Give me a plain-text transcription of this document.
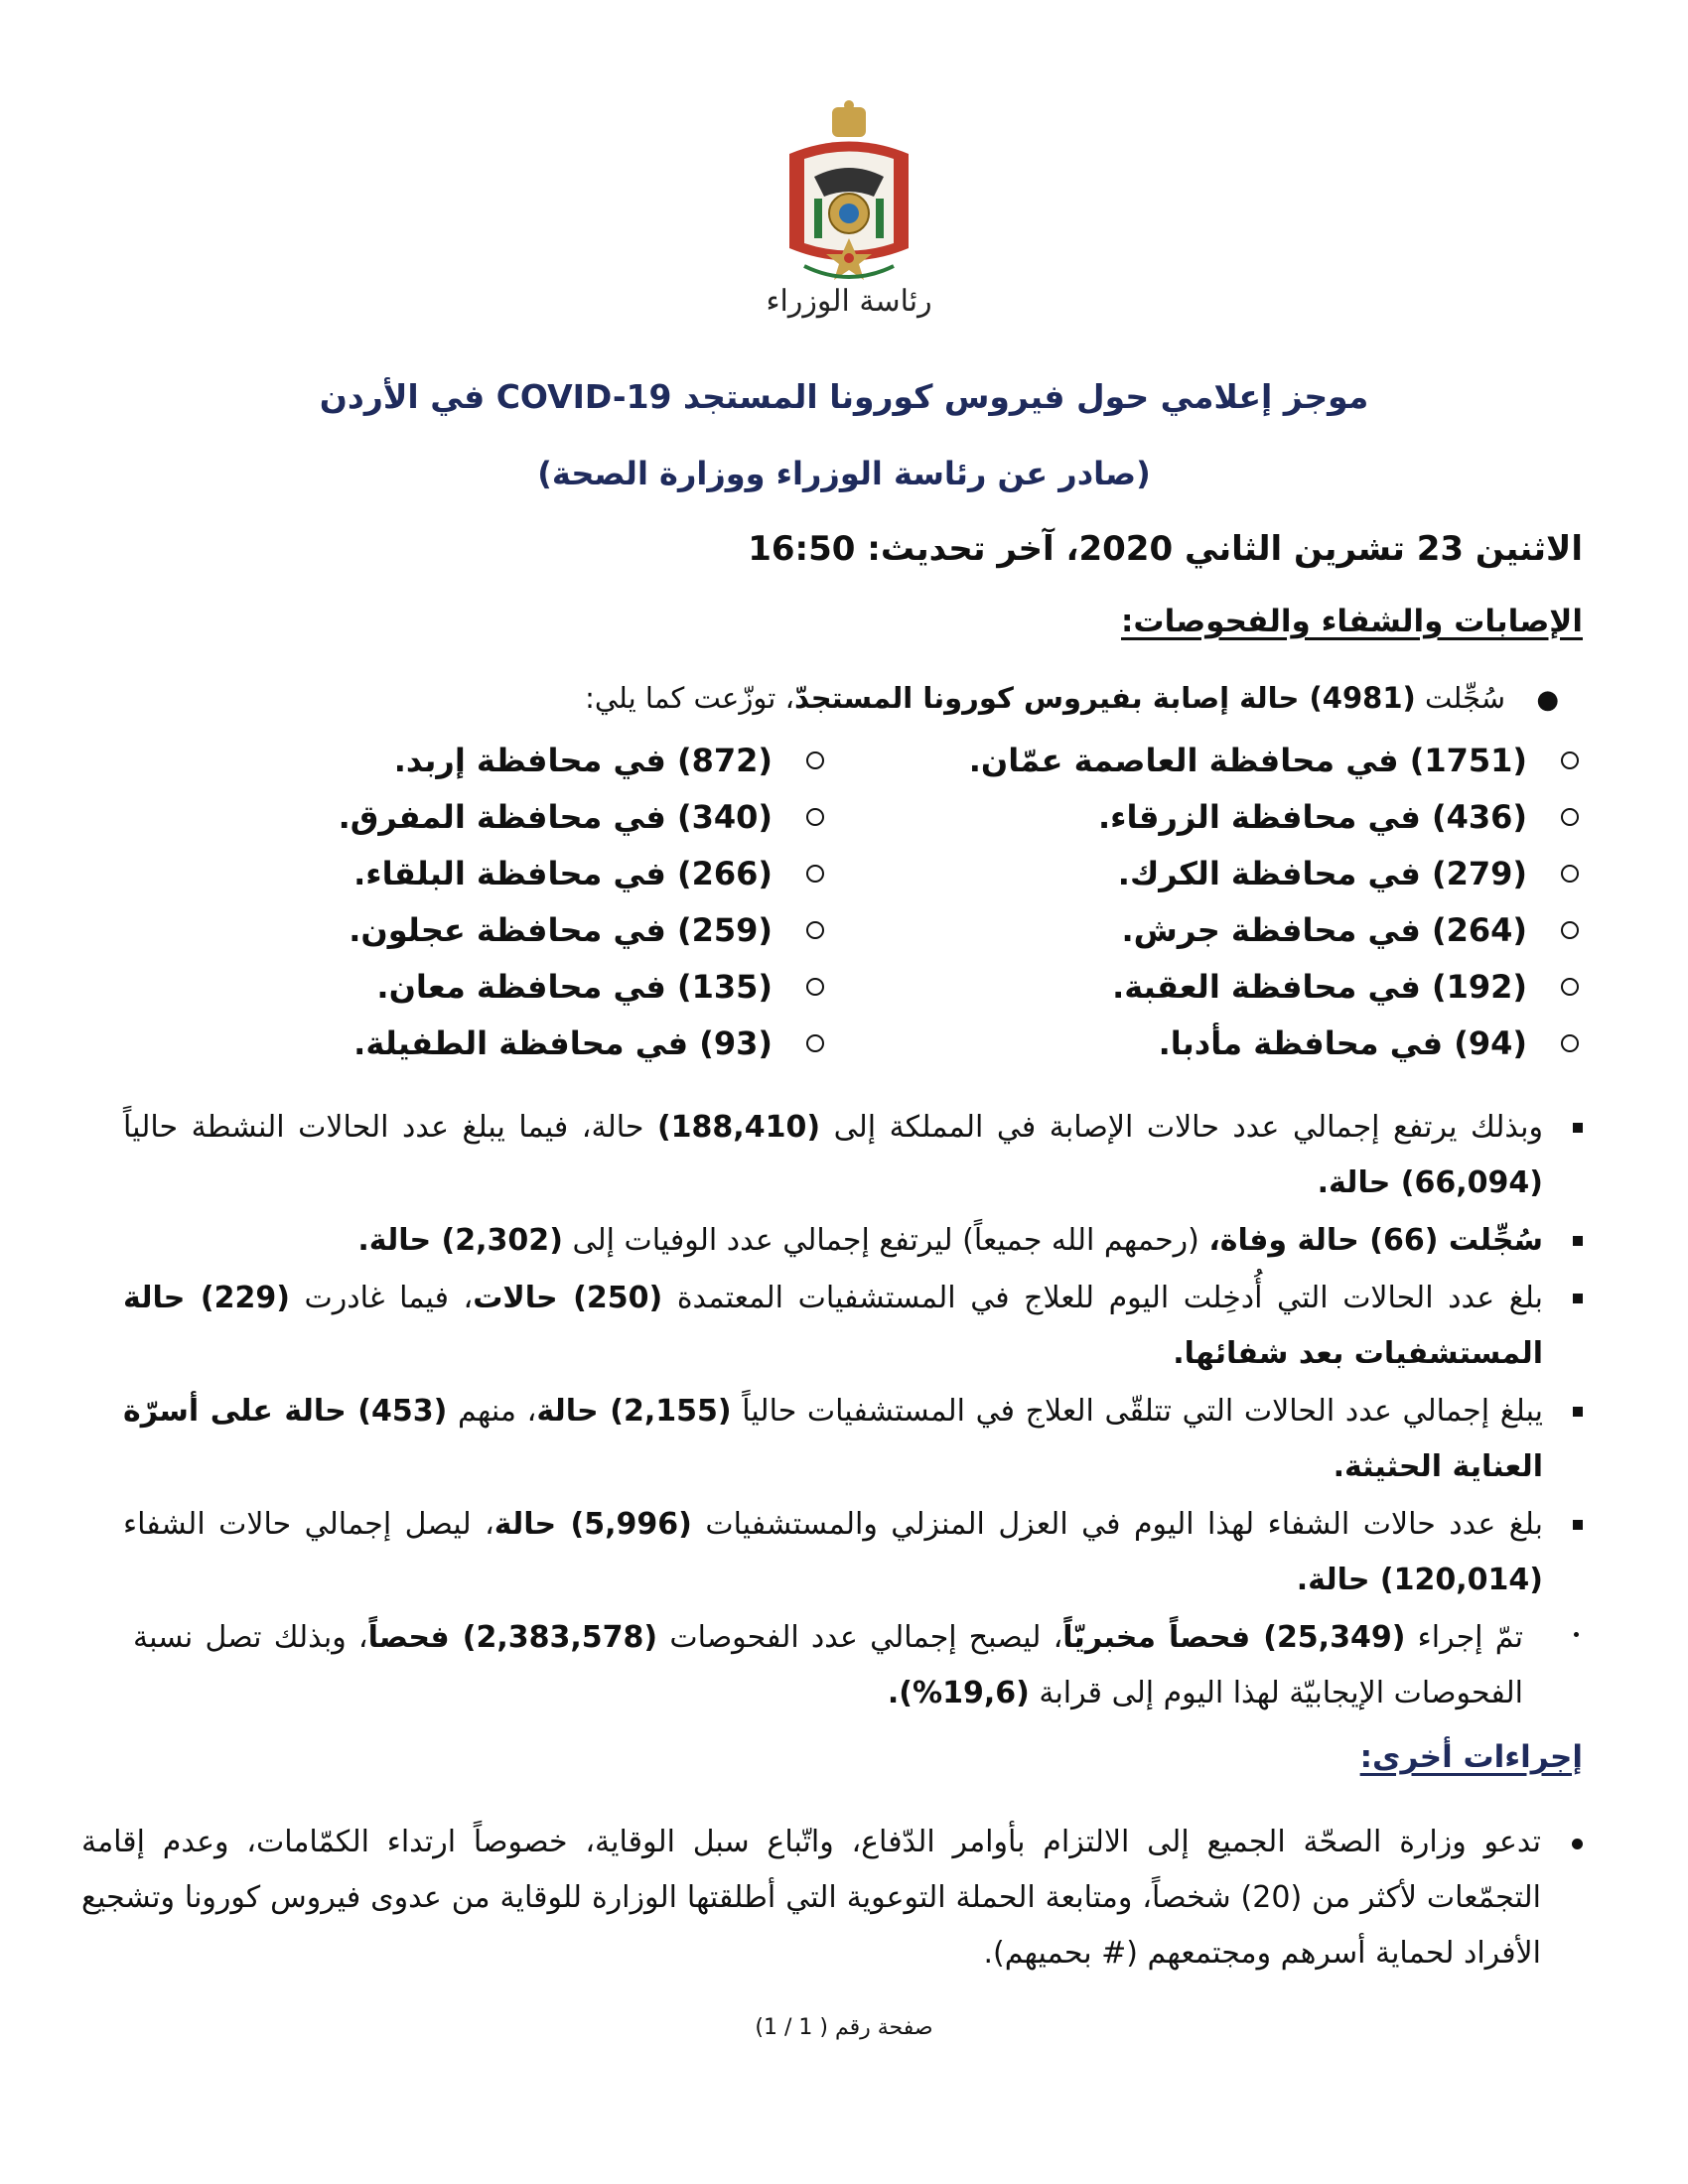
رئاسة الوزراء
موجز إعلامي حول فيروس كورونا المستجد COVID-19 في الأردن
(صادر عن رئاسة الوزراء ووزارة الصحة)
الاثنين 23 تشرين الثاني 2020، آخر تحديث: 16:50
الإصابات والشفاء والفحوصات:
● سُجِّلت (4981) حالة إصابة بفيروس كورونا المستجدّ، توزّعت كما يلي:
(1751) في محافظة العاصمة عمّان.
(872) في محافظة إربد.
(436) في محافظة الزرقاء.
(340) في محافظة المفرق.
(279) في محافظة الكرك.
(266) في محافظة البلقاء.
(264) في محافظة جرش.
(259) في محافظة عجلون.
(192) في محافظة العقبة.
(135) في محافظة معان.
(94) في محافظة مأدبا.
(93) في محافظة الطفيلة.
وبذلك يرتفع إجمالي عدد حالات الإصابة في المملكة إلى (188,410) حالة، فيما يبلغ عدد الحالات النشطة حالياً (66,094) حالة.
سُجِّلت (66) حالة وفاة، (رحمهم الله جميعاً) ليرتفع إجمالي عدد الوفيات إلى (2,302) حالة.
بلغ عدد الحالات التي أُدخِلت اليوم للعلاج في المستشفيات المعتمدة (250) حالات، فيما غادرت (229) حالة المستشفيات بعد شفائها.
يبلغ إجمالي عدد الحالات التي تتلقّى العلاج في المستشفيات حالياً (2,155) حالة، منهم (453) حالة على أسرّة العناية الحثيثة.
بلغ عدد حالات الشفاء لهذا اليوم في العزل المنزلي والمستشفيات (5,996) حالة، ليصل إجمالي حالات الشفاء (120,014) حالة.
تمّ إجراء (25,349) فحصاً مخبريّاً، ليصبح إجمالي عدد الفحوصات (2,383,578) فحصاً، وبذلك تصل نسبة الفحوصات الإيجابيّة لهذا اليوم إلى قرابة (19,6%).
إجراءات أخرى:
تدعو وزارة الصحّة الجميع إلى الالتزام بأوامر الدّفاع، واتّباع سبل الوقاية، خصوصاً ارتداء الكمّامات، وعدم إقامة التجمّعات لأكثر من (20) شخصاً، ومتابعة الحملة التوعوية التي أطلقتها الوزارة للوقاية من عدوى فيروس كورونا وتشجيع الأفراد لحماية أسرهم ومجتمعهم (# بحميهم).
صفحة رقم ( 1 / 1)
